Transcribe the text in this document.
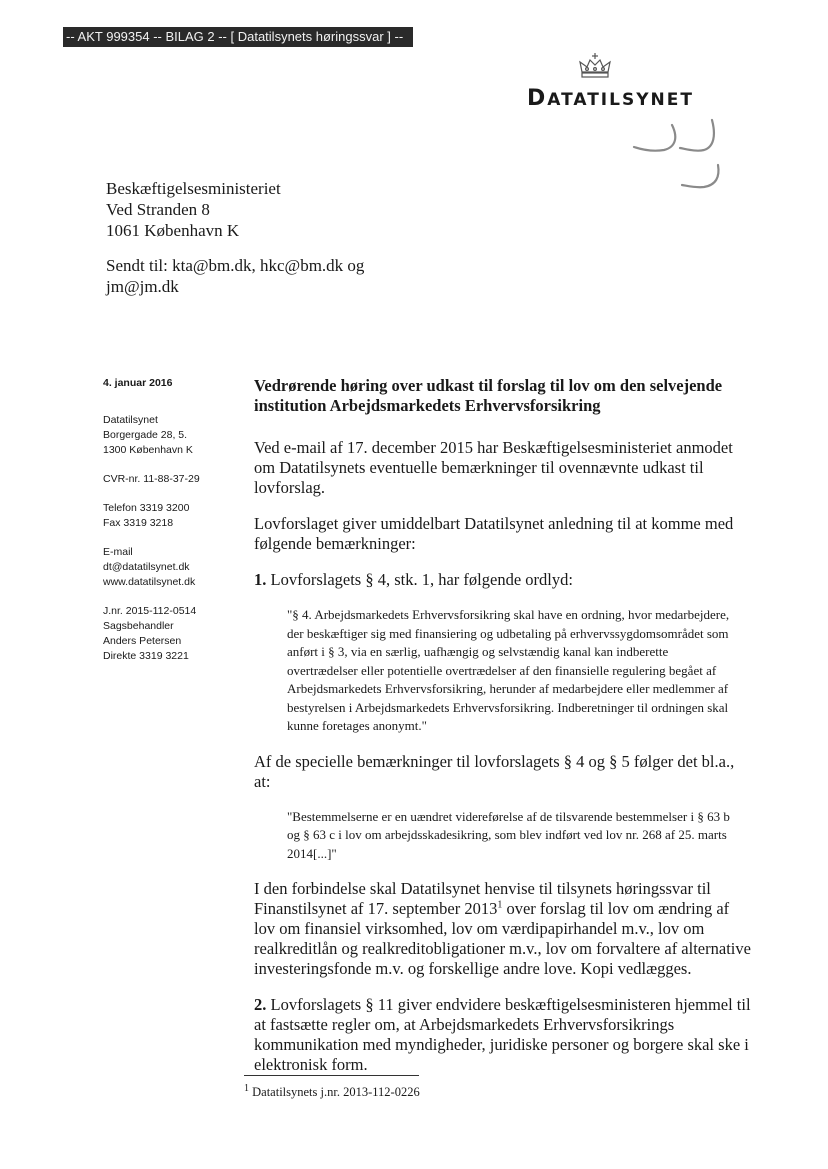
-- AKT 999354 -- BILAG 2 -- [ Datatilsynets høringssvar ] --
DATATILSYNET
Beskæftigelsesministeriet
Ved Stranden 8
1061 København K
Sendt til: kta@bm.dk, hkc@bm.dk og
jm@jm.dk
4. januar 2016
Datatilsynet
Borgergade 28, 5.
1300 København K
CVR-nr. 11-88-37-29
Telefon 3319 3200
Fax 3319 3218
E-mail
dt@datatilsynet.dk
www.datatilsynet.dk
J.nr. 2015-112-0514
Sagsbehandler
Anders Petersen
Direkte 3319 3221
Vedrørende høring over udkast til forslag til lov om den selvejende institution Arbejdsmarkedets Erhvervsforsikring

Ved e-mail af 17. december 2015 har Beskæftigelsesministeriet anmodet om Datatilsynets eventuelle bemærkninger til ovennævnte udkast til lovforslag.

Lovforslaget giver umiddelbart Datatilsynet anledning til at komme med følgende bemærkninger:

1. Lovforslagets § 4, stk. 1, har følgende ordlyd:

"§ 4. Arbejdsmarkedets Erhvervsforsikring skal have en ordning, hvor medarbejdere, der beskæftiger sig med finansiering og udbetaling på erhvervssygdomsområdet som anført i § 3, via en særlig, uafhængig og selvstændig kanal kan indberette overtrædelser eller potentielle overtrædelser af den finansielle regulering begået af Arbejdsmarkedets Erhvervsforsikring, herunder af medarbejdere eller medlemmer af bestyrelsen i Arbejdsmarkedets Erhvervsforsikring. Indberetninger til ordningen skal kunne foretages anonymt."

Af de specielle bemærkninger til lovforslagets § 4 og § 5 følger det bl.a., at:

"Bestemmelserne er en uændret videreførelse af de tilsvarende bestemmelser i § 63 b og § 63 c i lov om arbejdsskadesikring, som blev indført ved lov nr. 268 af 25. marts 2014[...]"

I den forbindelse skal Datatilsynet henvise til tilsynets høringssvar til Finanstilsynet af 17. september 2013$^1$ over forslag til lov om ændring af lov om finansiel virksomhed, lov om værdipapirhandel m.v., lov om realkreditlån og realkreditobligationer m.v., lov om forvaltere af alternative investeringsfonde m.v. og forskellige andre love. Kopi vedlægges.

2. Lovforslagets § 11 giver endvidere beskæftigelsesministeren hjemmel til at fastsætte regler om, at Arbejdsmarkedets Erhvervsforsikrings kommunikation med myndigheder, juridiske personer og borgere skal ske i elektronisk form.

$^1$ Datatilsynets j.nr. 2013-112-0226
